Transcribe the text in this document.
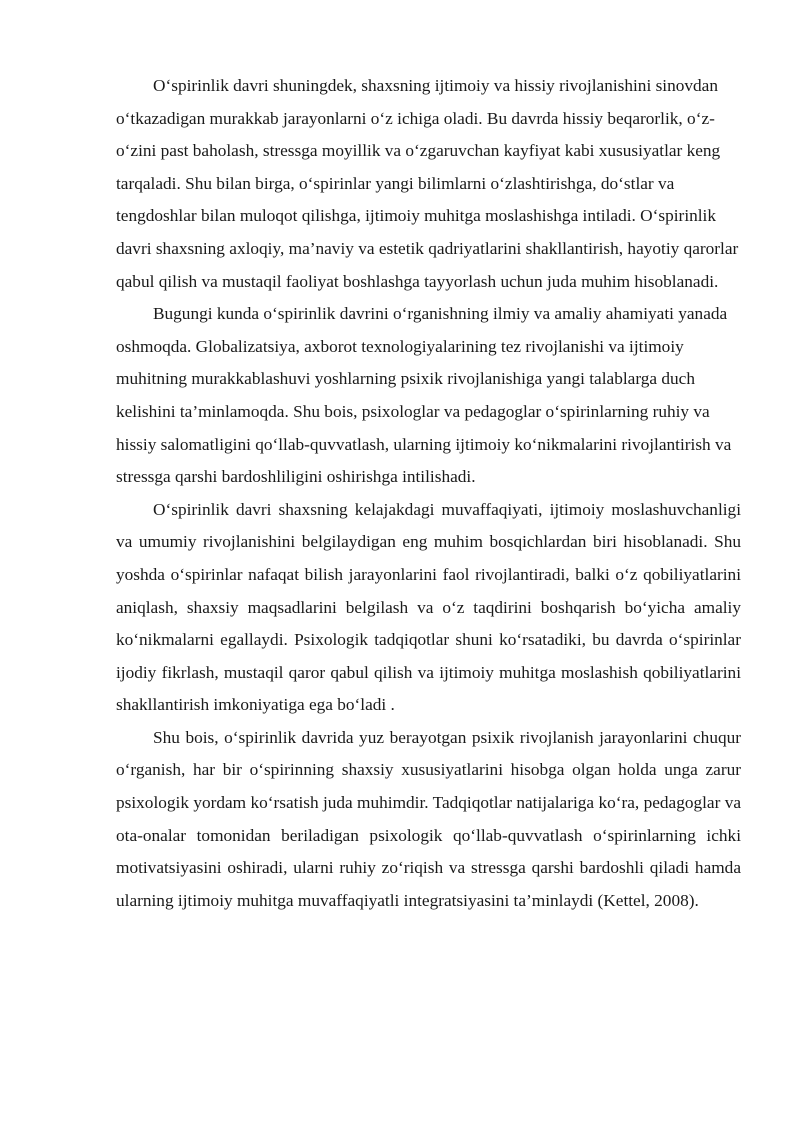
O‘spirinlik davri shuningdek, shaxsning ijtimoiy va hissiy rivojlanishini sinovdan o‘tkazadigan murakkab jarayonlarni o‘z ichiga oladi. Bu davrda hissiy beqarorlik, o‘z-o‘zini past baholash, stressga moyillik va o‘zgaruvchan kayfiyat kabi xususiyatlar keng tarqaladi. Shu bilan birga, o‘spirinlar yangi bilimlarni o‘zlashtirishga, do‘stlar va tengdoshlar bilan muloqot qilishga, ijtimoiy muhitga moslashishga intiladi. O‘spirinlik davri shaxsning axloqiy, ma’naviy va estetik qadriyatlarini shakllantirish, hayotiy qarorlar qabul qilish va mustaqil faoliyat boshlashga tayyorlash uchun juda muhim hisoblanadi.

Bugungi kunda o‘spirinlik davrini o‘rganishning ilmiy va amaliy ahamiyati yanada oshmoqda. Globalizatsiya, axborot texnologiyalarining tez rivojlanishi va ijtimoiy muhitning murakkablashuvi yoshlarning psixik rivojlanishiga yangi talablarga duch kelishini ta’minlamoqda. Shu bois, psixologlar va pedagoglar o‘spirinlarning ruhiy va hissiy salomatligini qo‘llab-quvvatlash, ularning ijtimoiy ko‘nikmalarini rivojlantirish va stressga qarshi bardoshliligini oshirishga intilishadi.

O‘spirinlik davri shaxsning kelajakdagi muvaffaqiyati, ijtimoiy moslashuvchanligi va umumiy rivojlanishini belgilaydigan eng muhim bosqichlardan biri hisoblanadi. Shu yoshda o‘spirinlar nafaqat bilish jarayonlarini faol rivojlantiradi, balki o‘z qobiliyatlarini aniqlash, shaxsiy maqsadlarini belgilash va o‘z taqdirini boshqarish bo‘yicha amaliy ko‘nikmalarni egallaydi. Psixologik tadqiqotlar shuni ko‘rsatadiki, bu davrda o‘spirinlar ijodiy fikrlash, mustaqil qaror qabul qilish va ijtimoiy muhitga moslashish qobiliyatlarini shakllantirish imkoniyatiga ega bo‘ladi .

Shu bois, o‘spirinlik davrida yuz berayotgan psixik rivojlanish jarayonlarini chuqur o‘rganish, har bir o‘spirinning shaxsiy xususiyatlarini hisobga olgan holda unga zarur psixologik yordam ko‘rsatish juda muhimdir. Tadqiqotlar natijalariga ko‘ra, pedagoglar va ota-onalar tomonidan beriladigan psixologik qo‘llab-quvvatlash o‘spirinlarning ichki motivatsiyasini oshiradi, ularni ruhiy zo‘riqish va stressga qarshi bardoshli qiladi hamda ularning ijtimoiy muhitga muvaffaqiyatli integratsiyasini ta’minlaydi (Kettel, 2008).
